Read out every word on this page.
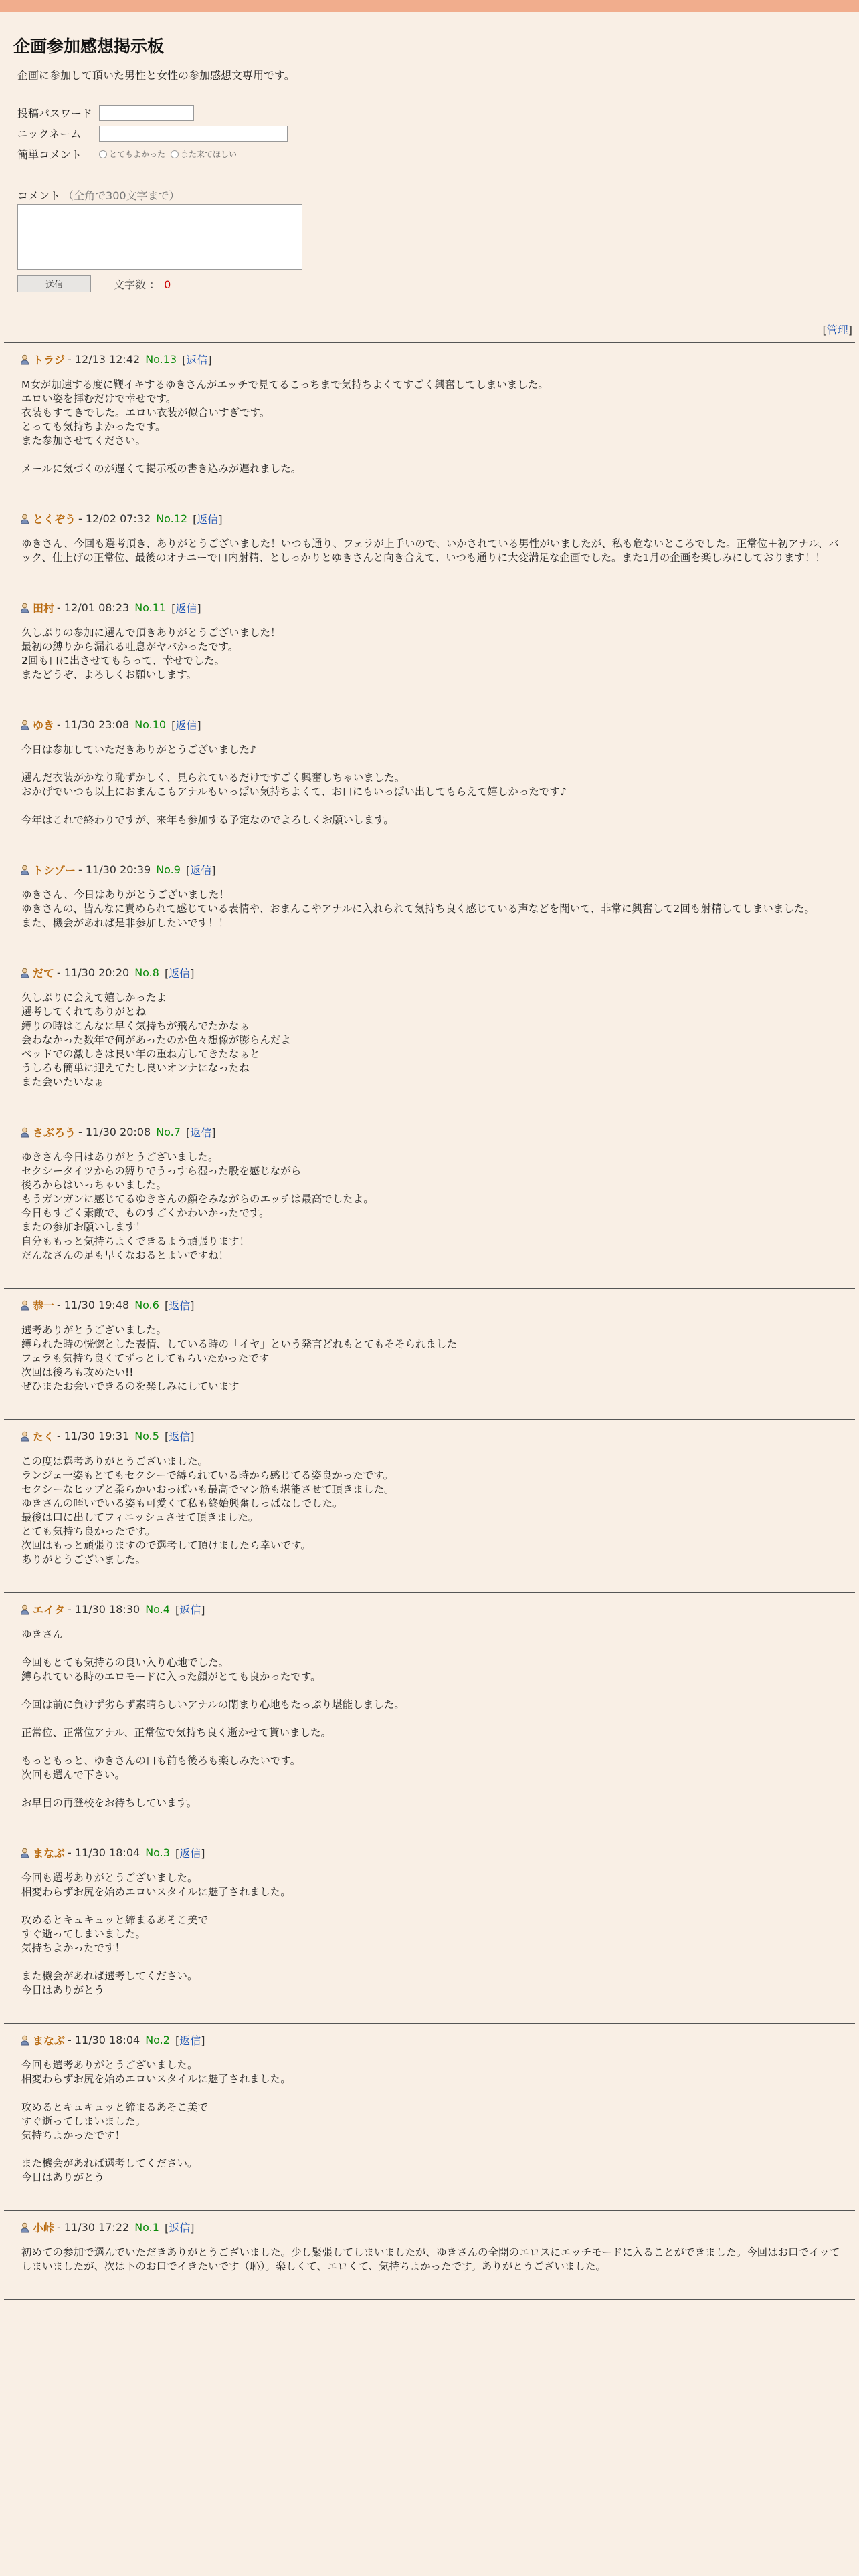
企画参加感想掲示板
企画に参加して頂いた男性と女性の参加感想文専用です。
投稿パスワード
ニックネーム
簡単コメント	とてもよかった また来てほしい
コメント （全角で300文字まで）
送信	文字数 ： 0
[管理]
トラジ - 12/13 12:42 No.13 [返信]

M女が加速する度に鞭イキするゆきさんがエッチで見てるこっちまで気持ちよくてすごく興奮してしまいました。

エロい姿を拝むだけで幸せです。

衣装もすてきでした。エロい衣装が似合いすぎです。

とっても気持ちよかったです。

また参加させてください。

メールに気づくのが遅くて掲示板の書き込みが遅れました。

とくぞう - 12/02 07:32 No.12 [返信]

ゆきさん、今回も選考頂き、ありがとうございました！いつも通り、フェラが上手いので、いかされている男性がいましたが、私も危ないところでした。正常位＋初アナル、バック、仕上げの正常位、最後のオナニーで口内射精、としっかりとゆきさんと向き合えて、いつも通りに大変満足な企画でした。また1月の企画を楽しみにしております！！

田村 - 12/01 08:23 No.11 [返信]

久しぶりの参加に選んで頂きありがとうございました！

最初の縛りから漏れる吐息がヤバかったです。

2回も口に出させてもらって、幸せでした。

またどうぞ、よろしくお願いします。

ゆき - 11/30 23:08 No.10 [返信]

今日は参加していただきありがとうございました♪

選んだ衣装がかなり恥ずかしく、見られているだけですごく興奮しちゃいました。

おかげでいつも以上におまんこもアナルもいっぱい気持ちよくて、お口にもいっぱい出してもらえて嬉しかったです♪

今年はこれで終わりですが、来年も参加する予定なのでよろしくお願いします。

トシゾー - 11/30 20:39 No.9 [返信]

ゆきさん、今日はありがとうございました！

ゆきさんの、皆んなに責められて感じている表情や、おまんこやアナルに入れられて気持ち良く感じている声などを聞いて、非常に興奮して2回も射精してしまいました。

また、機会があれば是非参加したいです！！

だて - 11/30 20:20 No.8 [返信]

久しぶりに会えて嬉しかったよ

選考してくれてありがとね

縛りの時はこんなに早く気持ちが飛んでたかなぁ

会わなかった数年で何があったのか色々想像が膨らんだよ

ベッドでの激しさは良い年の重ね方してきたなぁと

うしろも簡単に迎えてたし良いオンナになったね

また会いたいなぁ

さぶろう - 11/30 20:08 No.7 [返信]

ゆきさん今日はありがとうございました。

セクシータイツからの縛りでうっすら湿った股を感じながら

後ろからはいっちゃいました。

もうガンガンに感じてるゆきさんの顔をみながらのエッチは最高でしたよ。

今日もすごく素敵で、ものすごくかわいかったです。

またの参加お願いします！

自分ももっと気持ちよくできるよう頑張ります！

だんなさんの足も早くなおるとよいですね！

恭一 - 11/30 19:48 No.6 [返信]

選考ありがとうございました。

縛られた時の恍惚とした表情、している時の「イヤ」という発言どれもとてもそそられました

フェラも気持ち良くてずっとしてもらいたかったです

次回は後ろも攻めたい!!

ぜひまたお会いできるのを楽しみにしています

たく - 11/30 19:31 No.5 [返信]

この度は選考ありがとうございました。

ランジェ一姿もとてもセクシーで縛られている時から感じてる姿良かったです。

セクシーなヒップと柔らかいおっぱいも最高でマン筋も堪能させて頂きました。

ゆきさんの咥いでいる姿も可愛くて私も終始興奮しっぱなしでした。

最後は口に出してフィニッシュさせて頂きました。

とても気持ち良かったです。

次回はもっと頑張りますので選考して頂けましたら幸いです。

ありがとうございました。

エイタ - 11/30 18:30 No.4 [返信]

ゆきさん

今回もとても気持ちの良い入り心地でした。

縛られている時のエロモードに入った顔がとても良かったです。

今回は前に負けず劣らず素晴らしいアナルの閉まり心地もたっぷり堪能しました。

正常位、正常位アナル、正常位で気持ち良く逝かせて貰いました。

もっともっと、ゆきさんの口も前も後ろも楽しみたいです。

次回も選んで下さい。

お早目の再登校をお待ちしています。

まなぶ - 11/30 18:04 No.3 [返信]

今回も選考ありがとうございました。

相変わらずお尻を始めエロいスタイルに魅了されました。

攻めるとキュキュッと締まるあそこ美で

すぐ逝ってしまいました。

気持ちよかったです！

また機会があれば選考してください。

今日はありがとう

まなぶ - 11/30 18:04 No.2 [返信]

今回も選考ありがとうございました。

相変わらずお尻を始めエロいスタイルに魅了されました。

攻めるとキュキュッと締まるあそこ美で

すぐ逝ってしまいました。

気持ちよかったです！

また機会があれば選考してください。

今日はありがとう

小峠 - 11/30 17:22 No.1 [返信]

初めての参加で選んでいただきありがとうございました。少し緊張してしまいましたが、ゆきさんの全開のエロスにエッチモードに入ることができました。今回はお口でイッてしまいましたが、次は下のお口でイきたいです（恥）。楽しくて、エロくて、気持ちよかったです。ありがとうございました。
